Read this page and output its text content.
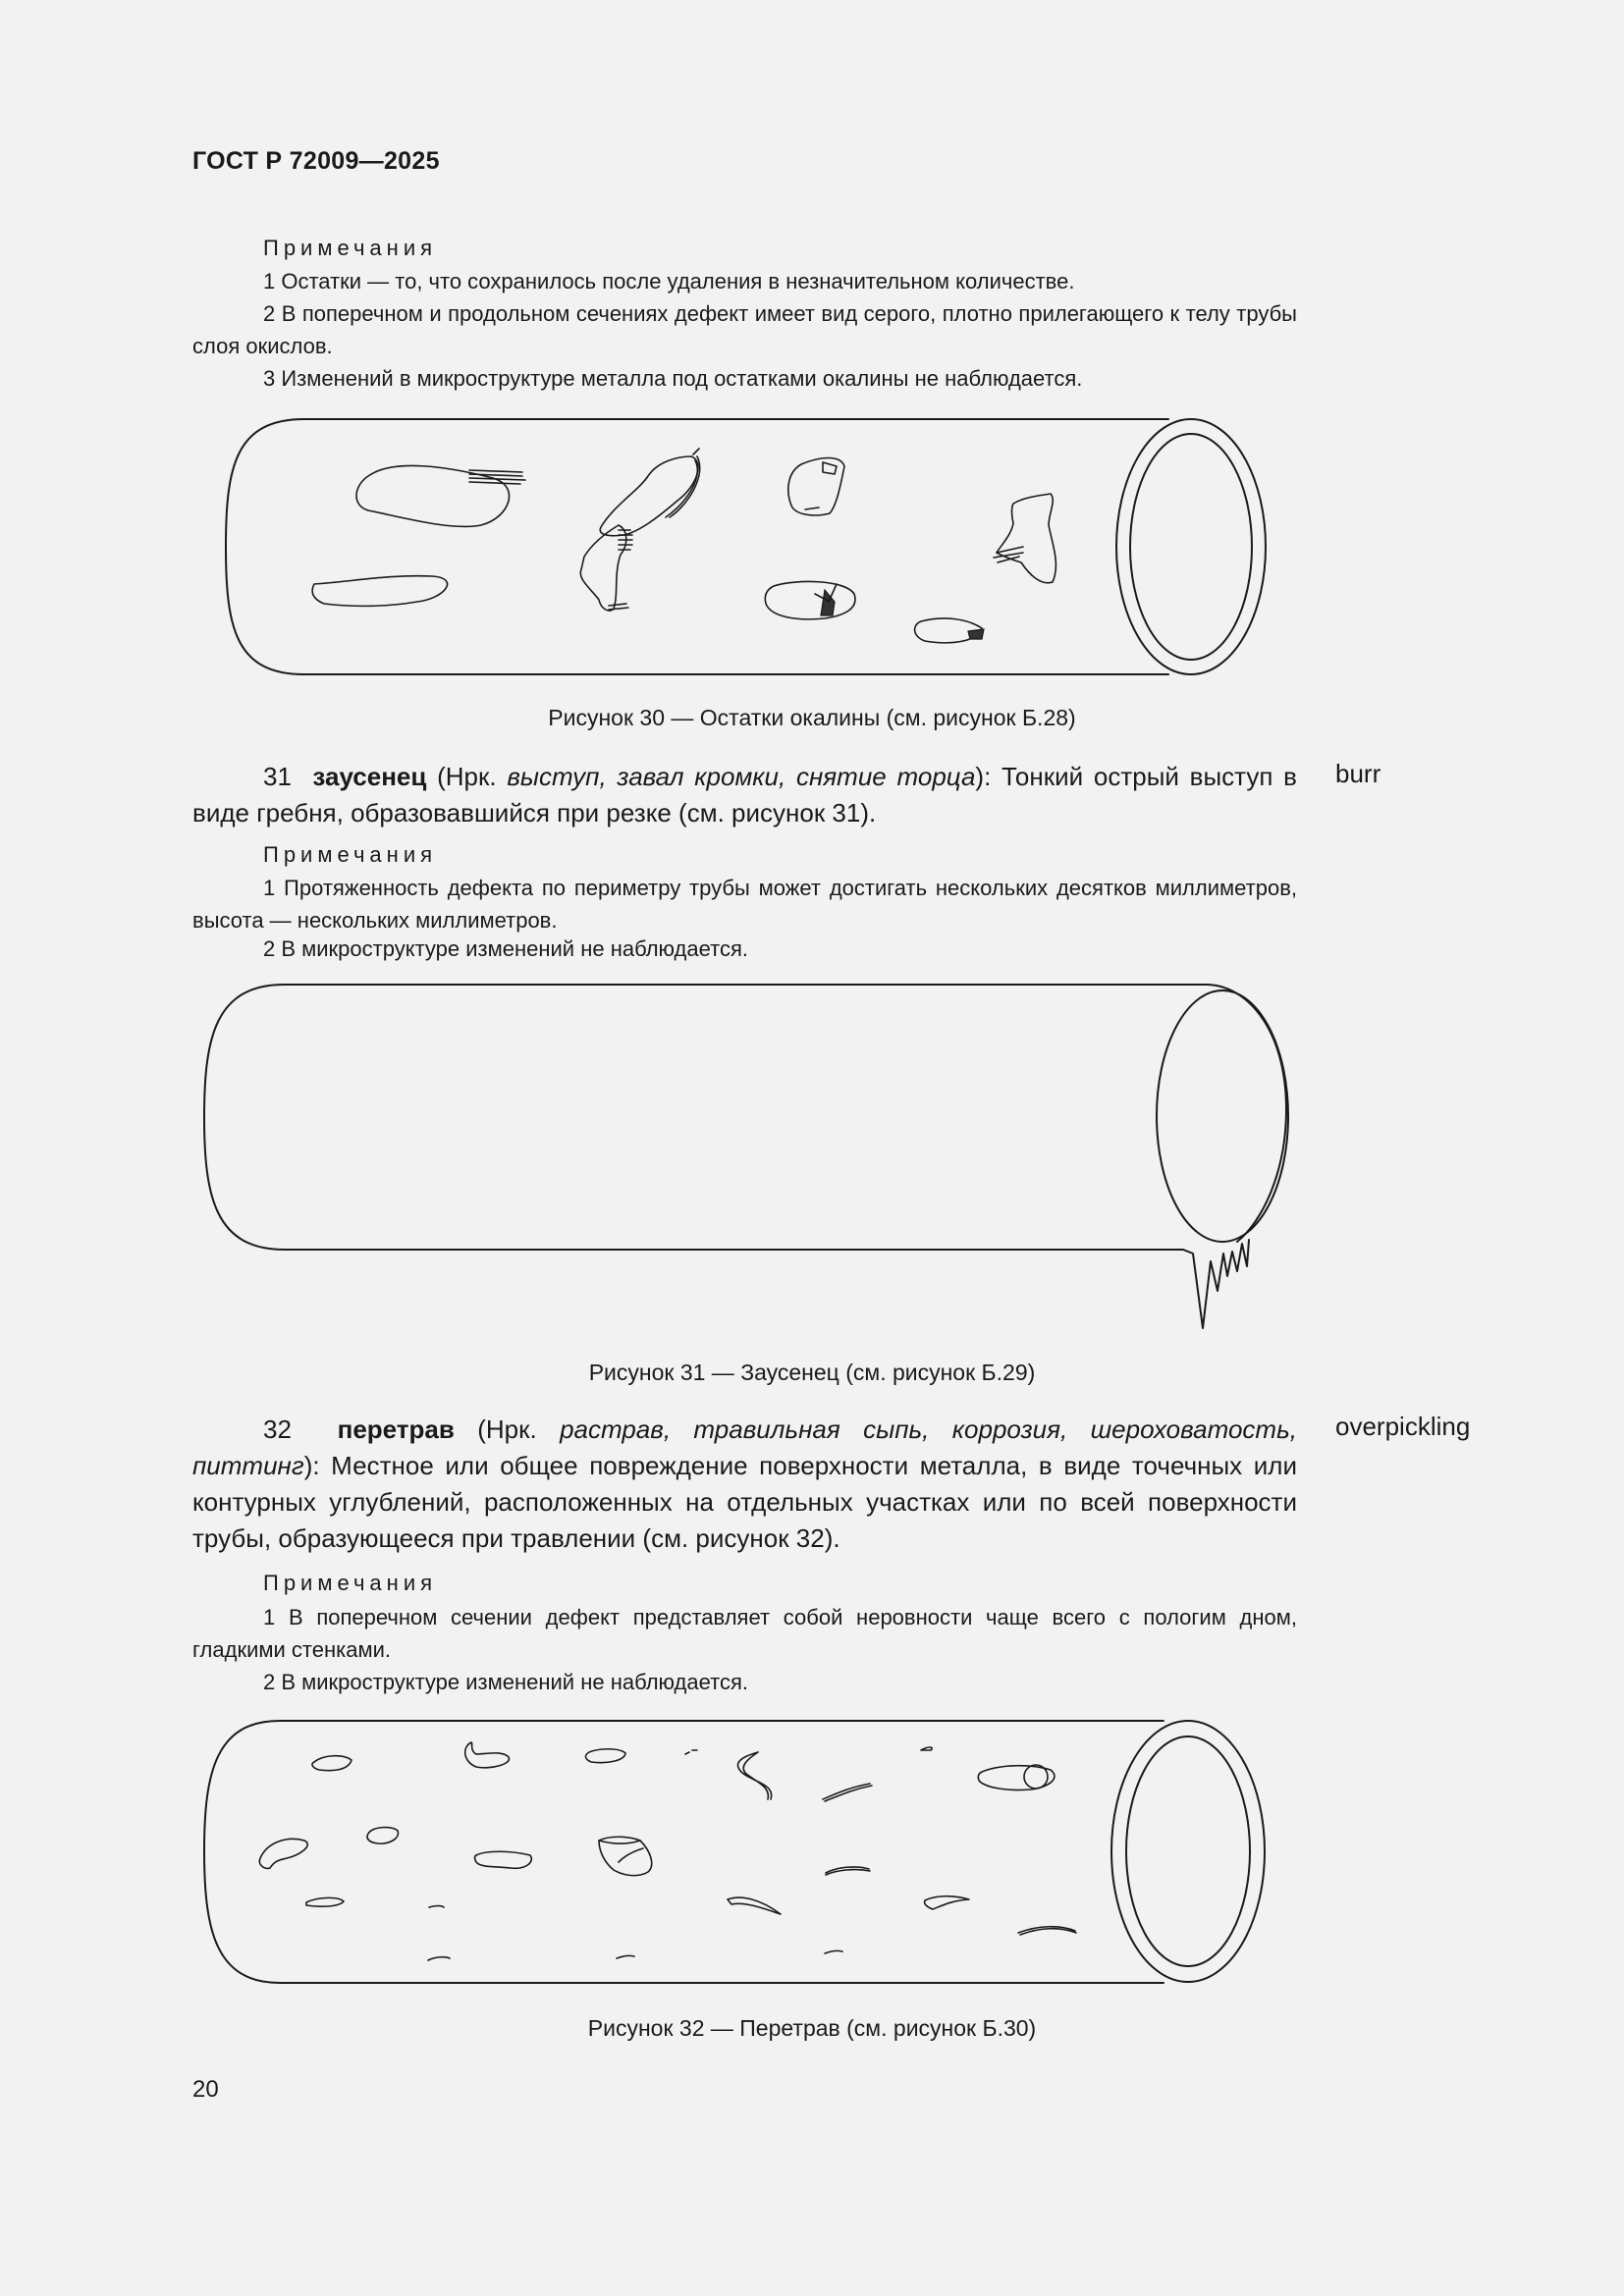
ГОСТ Р 72009—2025
Примечания
1 Остатки — то, что сохранилось после удаления в незначительном количестве.
2 В поперечном и продольном сечениях дефект имеет вид серого, плотно прилегающего к телу трубы слоя окислов.
3 Изменений в микроструктуре металла под остатками окалины не наблюдается.
Рисунок 30 — Остатки окалины (см. рисунок Б.28)
31 заусенец (Нрк. выступ, завал кромки, снятие торца): Тонкий острый выступ в виде гребня, образовавшийся при резке (см. рисунок 31).
burr
Примечания
1 Протяженность дефекта по периметру трубы может достигать нескольких десятков миллиметров, высота — нескольких миллиметров.
2 В микроструктуре изменений не наблюдается.
Рисунок 31 — Заусенец (см. рисунок Б.29)
32 перетрав (Нрк. растрав, травильная сыпь, коррозия, шероховатость, питтинг): Местное или общее повреждение поверхности металла, в виде точечных или контурных углублений, расположенных на отдельных участках или по всей поверхности трубы, образующееся при травлении (см. рисунок 32).
overpickling
Примечания
1 В поперечном сечении дефект представляет собой неровности чаще всего с пологим дном, гладкими стенками.
2 В микроструктуре изменений не наблюдается.
Рисунок 32 — Перетрав (см. рисунок Б.30)
20
